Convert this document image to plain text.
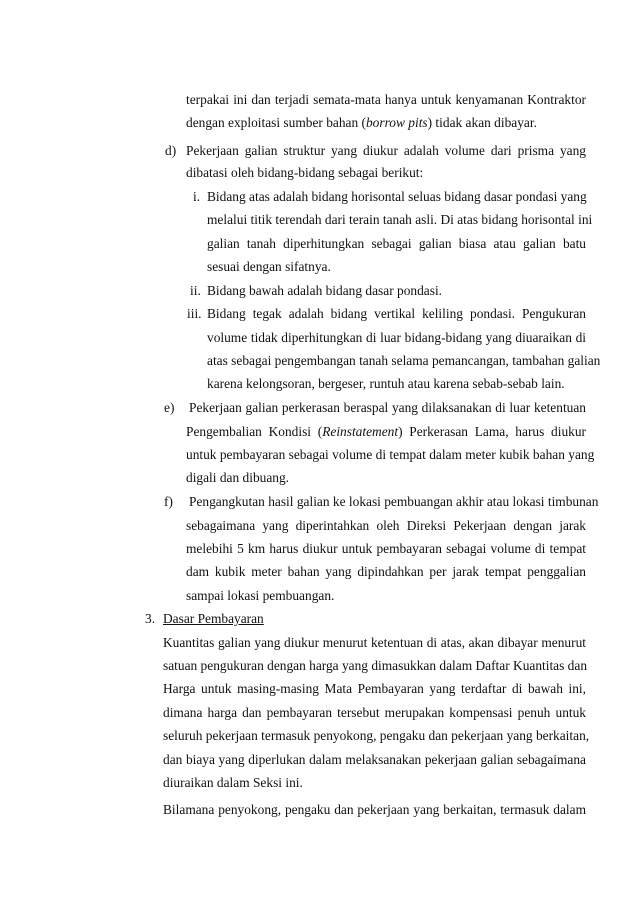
terpakai ini dan terjadi semata-mata hanya untuk kenyamanan Kontraktor
dengan exploitasi sumber bahan (borrow pits) tidak akan dibayar.
d) Pekerjaan galian struktur yang diukur adalah volume dari prisma yang
dibatasi oleh bidang-bidang sebagai berikut:
i. Bidang atas adalah bidang horisontal seluas bidang dasar pondasi yang
melalui titik terendah dari terain tanah asli. Di atas bidang horisontal ini
galian tanah diperhitungkan sebagai galian biasa atau galian batu
sesuai dengan sifatnya.
ii. Bidang bawah adalah bidang dasar pondasi.
iii. Bidang tegak adalah bidang vertikal keliling pondasi. Pengukuran
volume tidak diperhitungkan di luar bidang-bidang yang diuaraikan di
atas sebagai pengembangan tanah selama pemancangan, tambahan galian
karena kelongsoran, bergeser, runtuh atau karena sebab-sebab lain.
e) Pekerjaan galian perkerasan beraspal yang dilaksanakan di luar ketentuan
Pengembalian Kondisi (Reinstatement) Perkerasan Lama, harus diukur
untuk pembayaran sebagai volume di tempat dalam meter kubik bahan yang
digali dan dibuang.
f) Pengangkutan hasil galian ke lokasi pembuangan akhir atau lokasi timbunan
sebagaimana yang diperintahkan oleh Direksi Pekerjaan dengan jarak
melebihi 5 km harus diukur untuk pembayaran sebagai volume di tempat
dam kubik meter bahan yang dipindahkan per jarak tempat penggalian
sampai lokasi pembuangan.
3. Dasar Pembayaran
Kuantitas galian yang diukur menurut ketentuan di atas, akan dibayar menurut
satuan pengukuran dengan harga yang dimasukkan dalam Daftar Kuantitas dan
Harga untuk masing-masing Mata Pembayaran yang terdaftar di bawah ini,
dimana harga dan pembayaran tersebut merupakan kompensasi penuh untuk
seluruh pekerjaan termasuk penyokong, pengaku dan pekerjaan yang berkaitan,
dan biaya yang diperlukan dalam melaksanakan pekerjaan galian sebagaimana
diuraikan dalam Seksi ini.
Bilamana penyokong, pengaku dan pekerjaan yang berkaitan, termasuk dalam
